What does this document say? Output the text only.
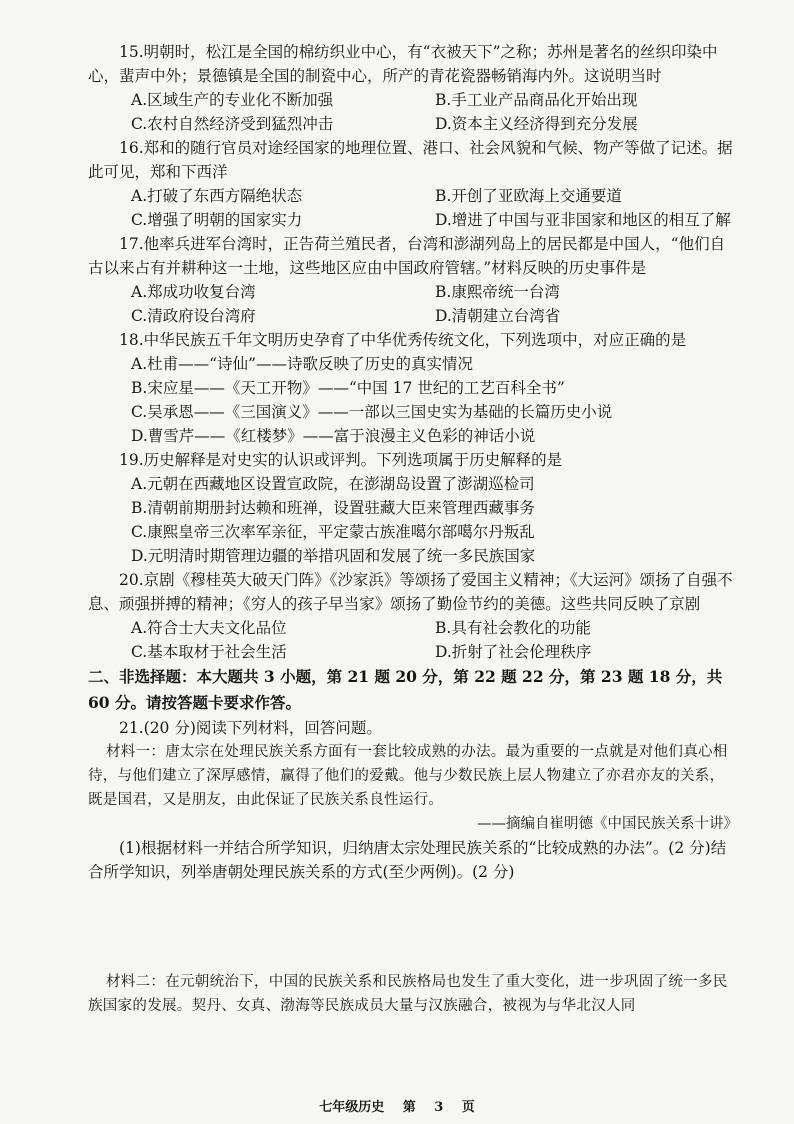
15.明朝时，松江是全国的棉纺织业中心，有“衣被天下”之称；苏州是著名的丝织印染中心，蜚声中外；景德镇是全国的制瓷中心，所产的青花瓷器畅销海内外。这说明当时

A.区域生产的专业化不断加强	B.手工业产品商品化开始出现
C.农村自然经济受到猛烈冲击	D.资本主义经济得到充分发展

16.郑和的随行官员对途经国家的地理位置、港口、社会风貌和气候、物产等做了记述。据此可见，郑和下西洋

A.打破了东西方隔绝状态	B.开创了亚欧海上交通要道
C.增强了明朝的国家实力	D.增进了中国与亚非国家和地区的相互了解

17.他率兵进军台湾时，正告荷兰殖民者，台湾和澎湖列岛上的居民都是中国人，“他们自古以来占有并耕种这一土地，这些地区应由中国政府管辖。”材料反映的历史事件是

A.郑成功收复台湾	B.康熙帝统一台湾
C.清政府设台湾府	D.清朝建立台湾省

18.中华民族五千年文明历史孕育了中华优秀传统文化，下列选项中，对应正确的是

A.杜甫——“诗仙”——诗歌反映了历史的真实情况

B.宋应星——《天工开物》——“中国 17 世纪的工艺百科全书”

C.吴承恩——《三国演义》——一部以三国史实为基础的长篇历史小说

D.曹雪芹——《红楼梦》——富于浪漫主义色彩的神话小说

19.历史解释是对史实的认识或评判。下列选项属于历史解释的是

A.元朝在西藏地区设置宣政院，在澎湖岛设置了澎湖巡检司

B.清朝前期册封达赖和班禅，设置驻藏大臣来管理西藏事务

C.康熙皇帝三次率军亲征，平定蒙古族准噶尔部噶尔丹叛乱

D.元明清时期管理边疆的举措巩固和发展了统一多民族国家

20.京剧《穆桂英大破天门阵》《沙家浜》等颂扬了爱国主义精神；《大运河》颂扬了自强不息、顽强拼搏的精神；《穷人的孩子早当家》颂扬了勤俭节约的美德。这些共同反映了京剧

A.符合士大夫文化品位	B.具有社会教化的功能
C.基本取材于社会生活	D.折射了社会伦理秩序

二、非选择题：本大题共 3 小题，第 21 题 20 分，第 22 题 22 分，第 23 题 18 分，共 60 分。请按答题卡要求作答。

21.(20 分)阅读下列材料，回答问题。

材料一：唐太宗在处理民族关系方面有一套比较成熟的办法。最为重要的一点就是对他们真心相待，与他们建立了深厚感情，赢得了他们的爱戴。他与少数民族上层人物建立了亦君亦友的关系，既是国君，又是朋友，由此保证了民族关系良性运行。

——摘编自崔明德《中国民族关系十讲》

(1)根据材料一并结合所学知识，归纳唐太宗处理民族关系的“比较成熟的办法”。(2 分)结合所学知识，列举唐朝处理民族关系的方式(至少两例)。(2 分)

材料二：在元朝统治下，中国的民族关系和民族格局也发生了重大变化，进一步巩固了统一多民族国家的发展。契丹、女真、渤海等民族成员大量与汉族融合，被视为与华北汉人同

七年级历史 第 3 页
